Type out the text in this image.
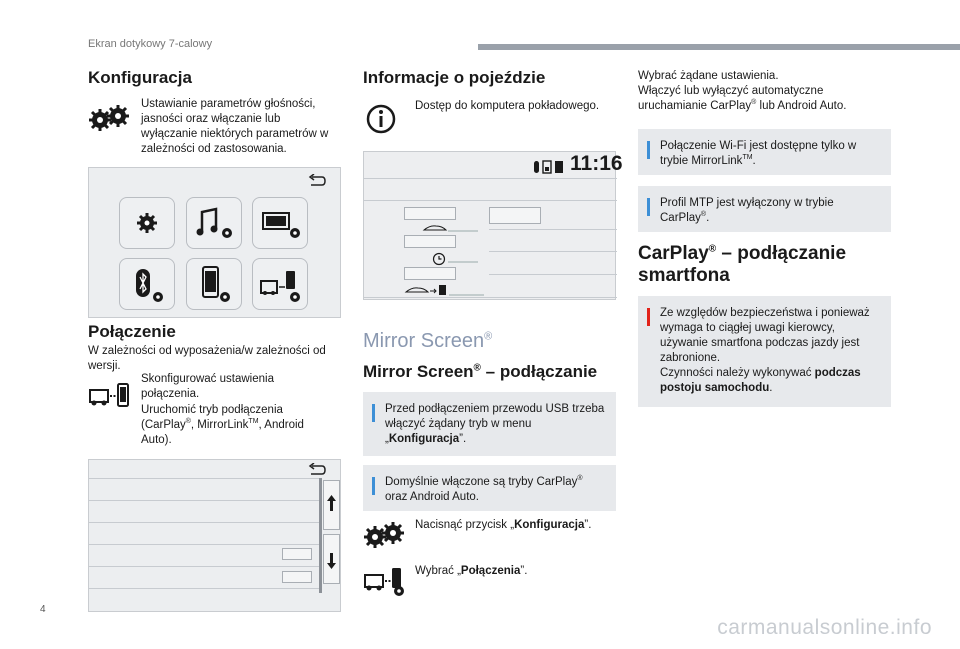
Ekran dotykowy 7-calowy
Konfiguracja

Ustawianie parametrów głośności, jasności oraz włączanie lub wyłączanie niektórych parametrów w zależności od zastosowania.

Połączenie

W zależności od wyposażenia/w zależności od wersji.

Skonfigurować ustawienia połączenia.

Uruchomić tryb podłączenia (CarPlay®, MirrorLink™, Android Auto).

Informacje o pojeździe

Dostęp do komputera pokładowego.

11:16
Mirror Screen®
Mirror Screen® – podłączanie

Przed podłączeniem przewodu USB trzeba włączyć żądany tryb w menu „Konfiguracja”.

Domyślnie włączone są tryby CarPlay® oraz Android Auto.

Nacisnąć przycisk „Konfiguracja”.

Wybrać „Połączenia”.

Wybrać żądane ustawienia.
Włączyć lub wyłączyć automatyczne uruchamianie CarPlay® lub Android Auto.

Połączenie Wi-Fi jest dostępne tylko w trybie MirrorLink™.

Profil MTP jest wyłączony w trybie CarPlay®.

CarPlay® – podłączanie smartfona

Ze względów bezpieczeństwa i ponieważ wymaga to ciągłej uwagi kierowcy, używanie smartfona podczas jazdy jest zabronione.
Czynności należy wykonywać podczas postoju samochodu.

4
carmanualsonline.info
